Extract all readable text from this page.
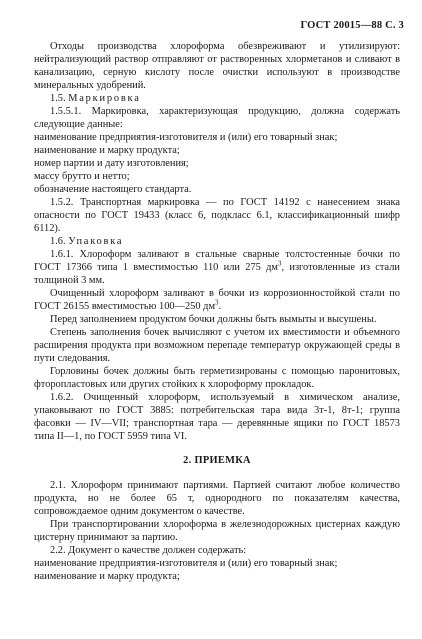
ГОСТ 20015—88 С. 3

Отходы производства хлороформа обезвреживают и утилизируют: нейтрализующий раствор отправляют от растворенных хлорметанов и сливают в канализацию, серную кислоту после очистки используют в производстве минеральных удобрений.

1.5. Маркировка

1.5.5.1. Маркировка, характеризующая продукцию, должна содержать следующие данные:

наименование предприятия-изготовителя и (или) его товарный знак;

наименование и марку продукта;

номер партии и дату изготовления;

массу брутто и нетто;

обозначение настоящего стандарта.

1.5.2. Транспортная маркировка — по ГОСТ 14192 с нанесением знака опасности по ГОСТ 19433 (класс 6, подкласс 6.1, классификационный шифр 6112).

1.6. Упаковка

1.6.1. Хлороформ заливают в стальные сварные толстостенные бочки по ГОСТ 17366 типа 1 вместимостью 110 или 275 $дм^3$, изготовленные из стали толщиной 3 мм.

Очищенный хлороформ заливают в бочки из коррозионностойкой стали по ГОСТ 26155 вместимостью 100—250 $дм^3$.

Перед заполнением продуктом бочки должны быть вымыты и высушены.

Степень заполнения бочек вычисляют с учетом их вместимости и объемного расширения продукта при возможном перепаде температур окружающей среды в пути следования.

Горловины бочек должны быть герметизированы с помощью паронитовых, фторопластовых или других стойких к хлороформу прокладок.

1.6.2. Очищенный хлороформ, используемый в химическом анализе, упаковывают по ГОСТ 3885: потребительская тара вида 3т-1, 8т-1; группа фасовки — IV—VII; транспортная тара — деревянные ящики по ГОСТ 18573 типа II—1, по ГОСТ 5959 типа VI.

2. ПРИЕМКА

2.1. Хлороформ принимают партиями. Партией считают любое количество продукта, но не более 65 т, однородного по показателям качества, сопровождаемое одним документом о качестве.

При транспортировании хлороформа в железнодорожных цистернах каждую цистерну принимают за партию.

2.2. Документ о качестве должен содержать:

наименование предприятия-изготовителя и (или) его товарный знак;

наименование и марку продукта;
